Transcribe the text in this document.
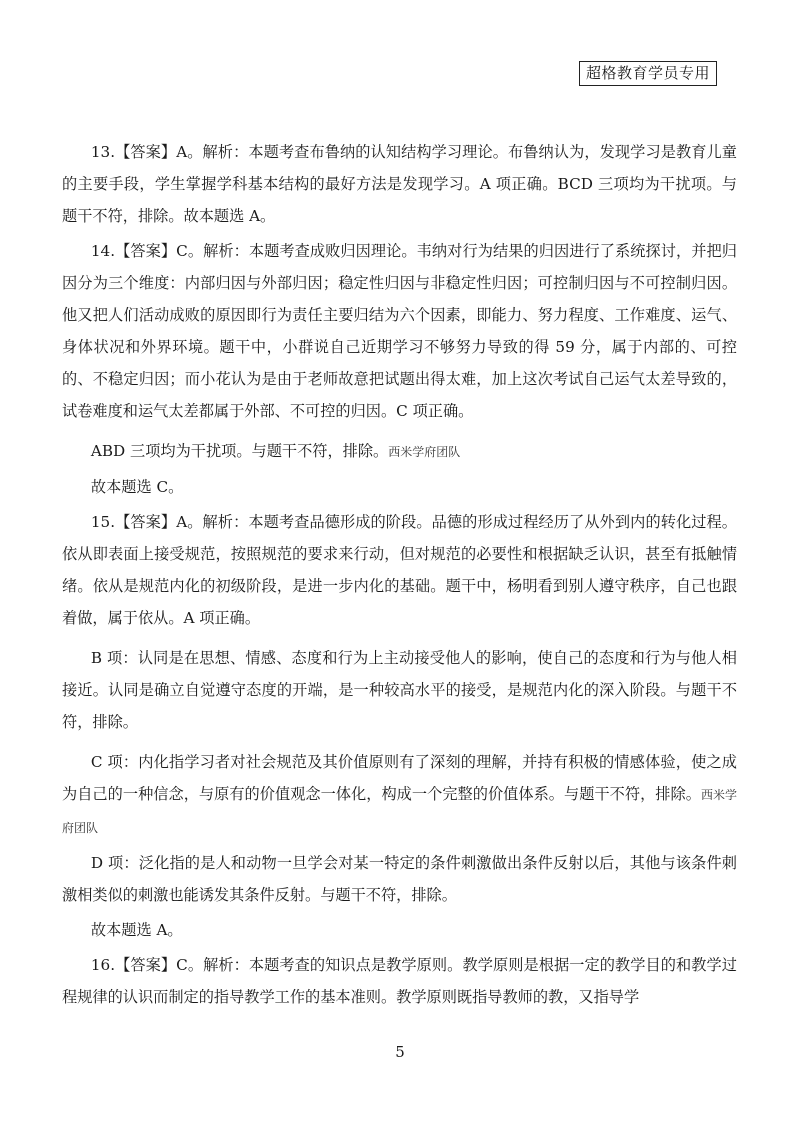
超格教育学员专用

13.【答案】A。解析：本题考查布鲁纳的认知结构学习理论。布鲁纳认为，发现学习是教育儿童的主要手段，学生掌握学科基本结构的最好方法是发现学习。A 项正确。BCD 三项均为干扰项。与题干不符，排除。故本题选 A。

14.【答案】C。解析：本题考查成败归因理论。韦纳对行为结果的归因进行了系统探讨，并把归因分为三个维度：内部归因与外部归因；稳定性归因与非稳定性归因；可控制归因与不可控制归因。他又把人们活动成败的原因即行为责任主要归结为六个因素，即能力、努力程度、工作难度、运气、身体状况和外界环境。题干中，小群说自己近期学习不够努力导致的得 59 分，属于内部的、可控的、不稳定归因；而小花认为是由于老师故意把试题出得太难，加上这次考试自己运气太差导致的，试卷难度和运气太差都属于外部、不可控的归因。C 项正确。

ABD 三项均为干扰项。与题干不符，排除。西米学府团队

故本题选 C。

15.【答案】A。解析：本题考查品德形成的阶段。品德的形成过程经历了从外到内的转化过程。依从即表面上接受规范，按照规范的要求来行动，但对规范的必要性和根据缺乏认识，甚至有抵触情绪。依从是规范内化的初级阶段，是进一步内化的基础。题干中，杨明看到别人遵守秩序，自己也跟着做，属于依从。A 项正确。

B 项：认同是在思想、情感、态度和行为上主动接受他人的影响，使自己的态度和行为与他人相接近。认同是确立自觉遵守态度的开端，是一种较高水平的接受，是规范内化的深入阶段。与题干不符，排除。

C 项：内化指学习者对社会规范及其价值原则有了深刻的理解，并持有积极的情感体验，使之成为自己的一种信念，与原有的价值观念一体化，构成一个完整的价值体系。与题干不符，排除。西米学府团队

D 项：泛化指的是人和动物一旦学会对某一特定的条件刺激做出条件反射以后，其他与该条件刺激相类似的刺激也能诱发其条件反射。与题干不符，排除。

故本题选 A。

16.【答案】C。解析：本题考查的知识点是教学原则。教学原则是根据一定的教学目的和教学过程规律的认识而制定的指导教学工作的基本准则。教学原则既指导教师的教，又指导学

5
